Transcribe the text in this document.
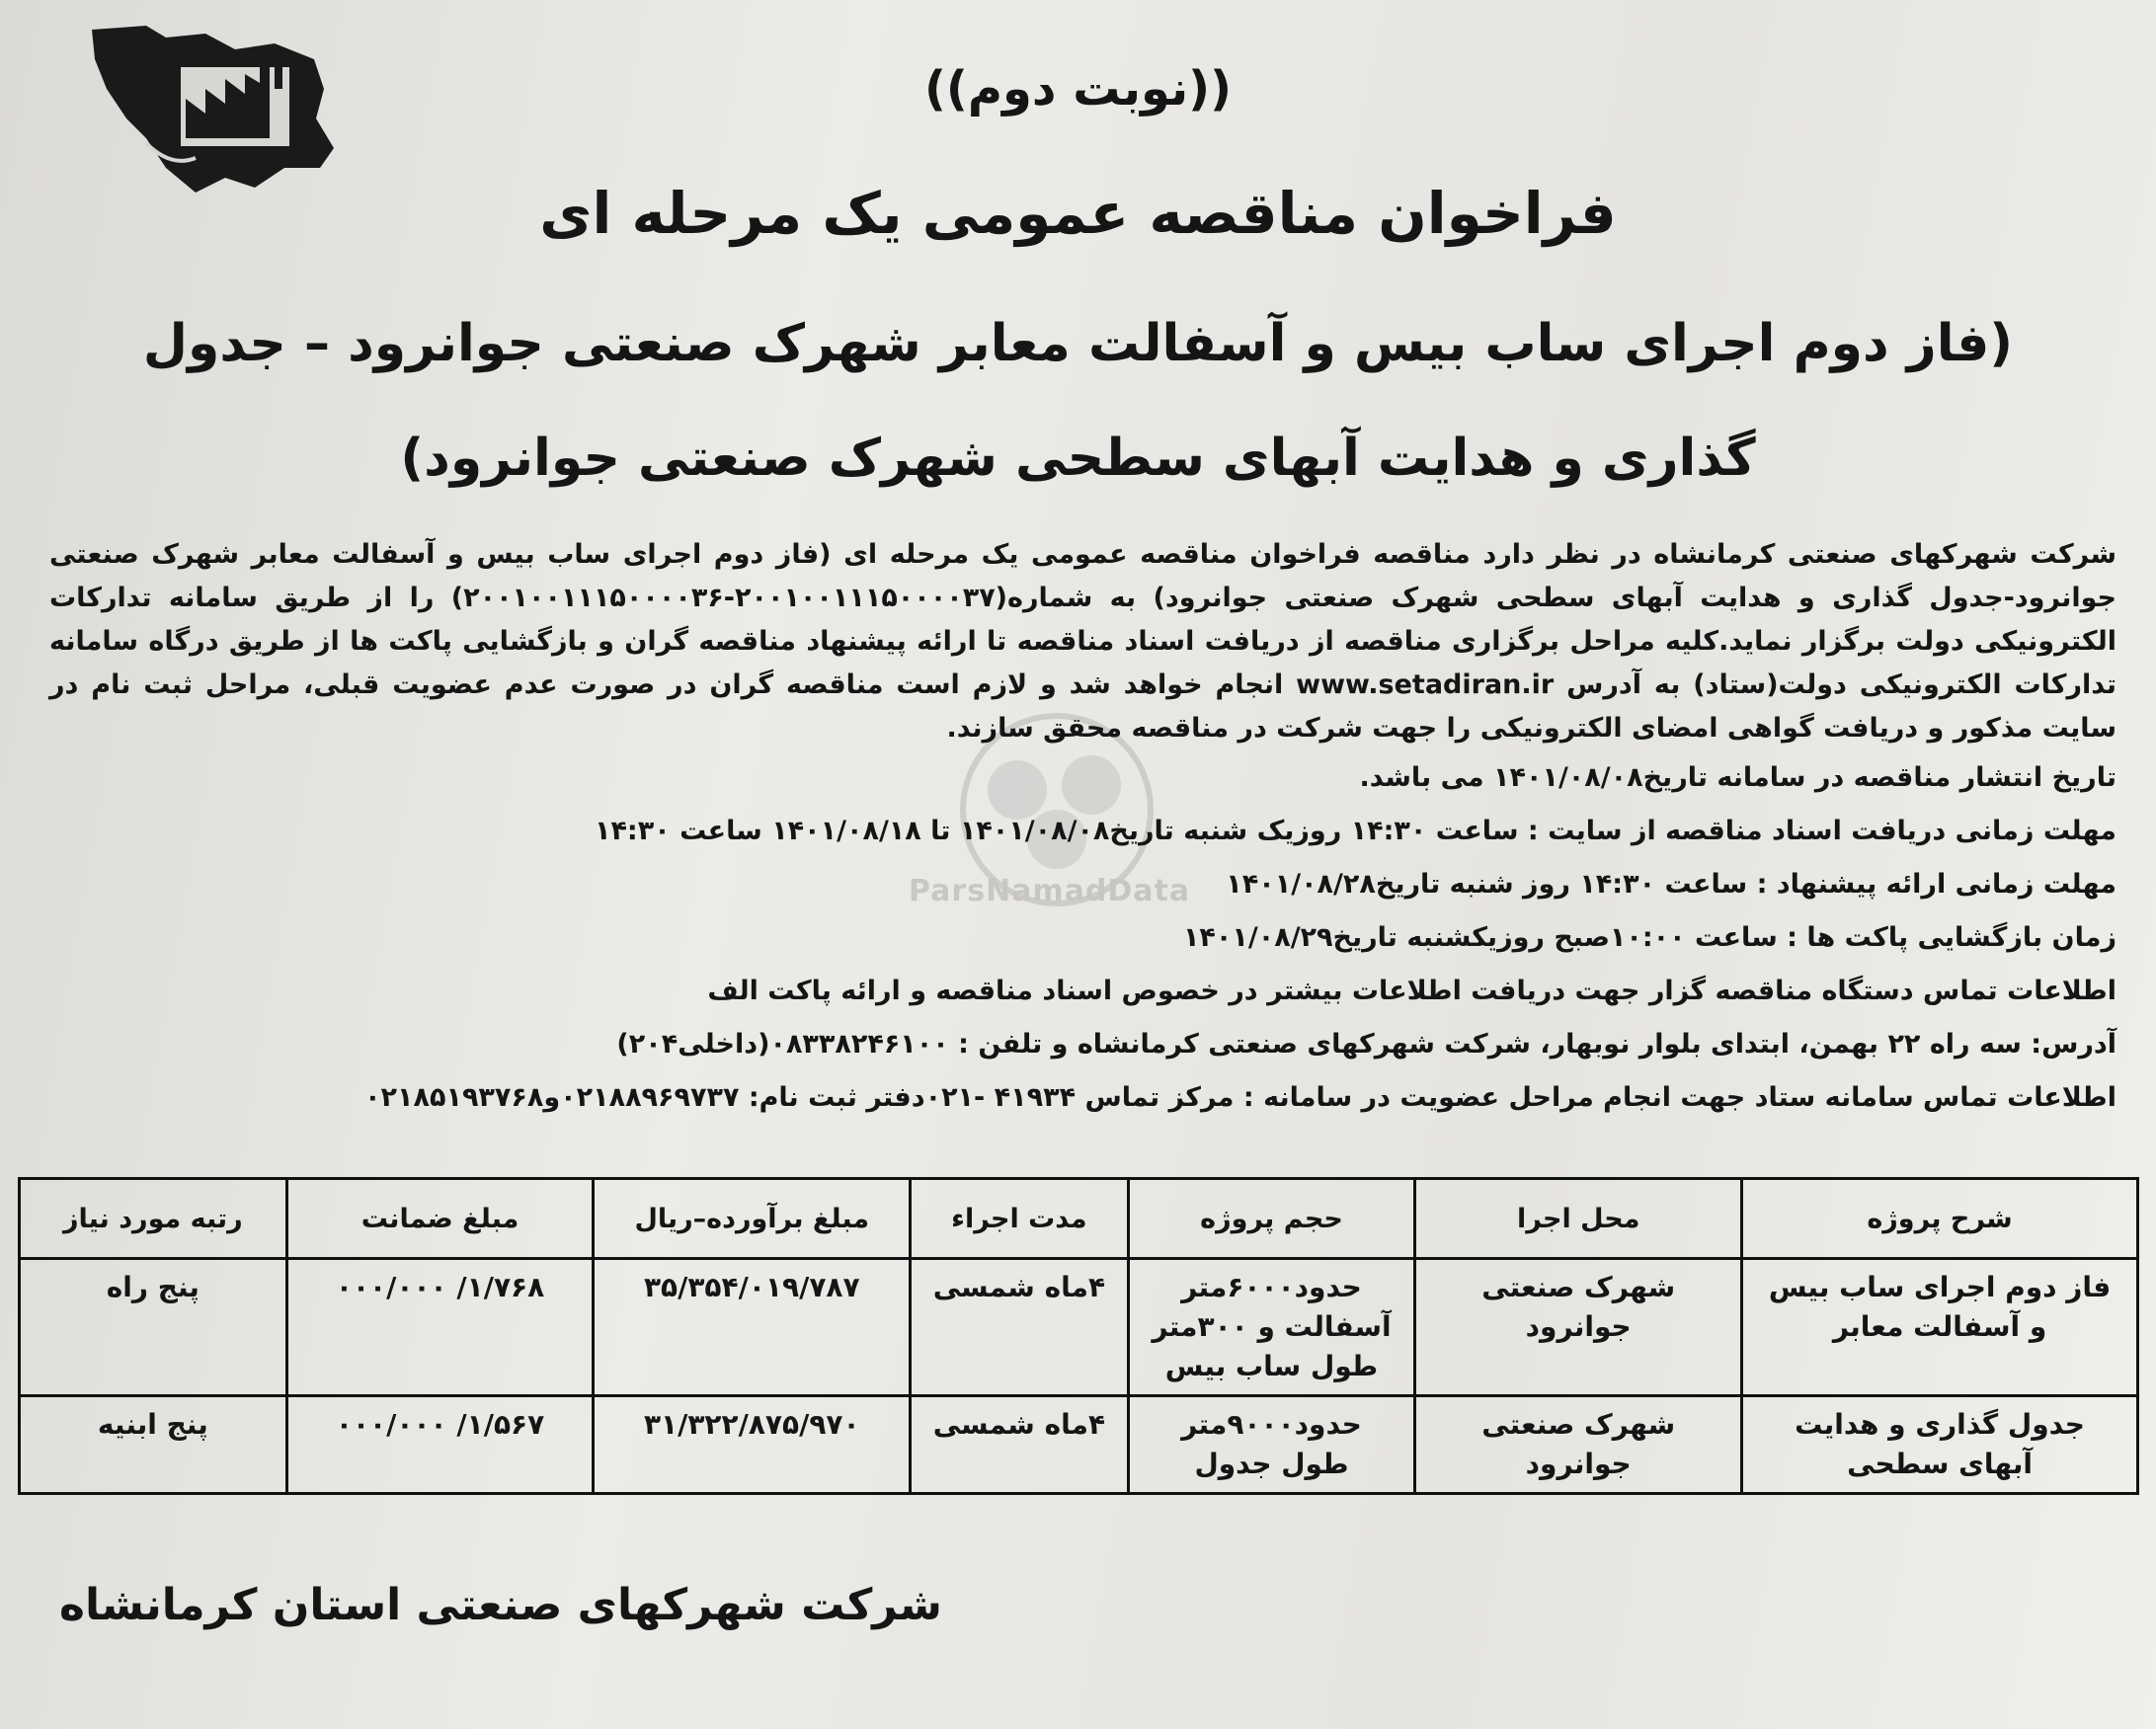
((نوبت دوم))
فراخوان مناقصه عمومی یک مرحله ای
(فاز دوم اجرای ساب بیس و آسفالت معابر شهرک صنعتی جوانرود – جدول گذاری و هدایت آبهای سطحی شهرک صنعتی جوانرود)
ParsNamadData
شرکت شهرکهای صنعتی کرمانشاه در نظر دارد مناقصه فراخوان مناقصه عمومی یک مرحله ای (فاز دوم اجرای ساب بیس و آسفالت معابر شهرک صنعتی جوانرود-جدول گذاری و هدایت آبهای سطحی شهرک صنعتی جوانرود) به شماره(۲۰۰۱۰۰۱۱۱۵۰۰۰۰۳۷-۲۰۰۱۰۰۱۱۱۵۰۰۰۰۳۶) را از طریق سامانه تدارکات الکترونیکی دولت برگزار نماید.کلیه مراحل برگزاری مناقصه از دریافت اسناد مناقصه تا ارائه پیشنهاد مناقصه گران و بازگشایی پاکت ها از طریق درگاه سامانه تدارکات الکترونیکی دولت(ستاد) به آدرس www.setadiran.ir انجام خواهد شد و لازم است مناقصه گران در صورت عدم عضویت قبلی، مراحل ثبت نام در سایت مذکور و دریافت گواهی امضای الکترونیکی را جهت شرکت در مناقصه محقق سازند.
تاریخ انتشار مناقصه در سامانه تاریخ۱۴۰۱/۰۸/۰۸ می باشد.
مهلت زمانی دریافت اسناد مناقصه از سایت : ساعت ۱۴:۳۰ روزیک شنبه تاریخ۱۴۰۱/۰۸/۰۸ تا ۱۴۰۱/۰۸/۱۸ ساعت ۱۴:۳۰
مهلت زمانی ارائه پیشنهاد : ساعت ۱۴:۳۰ روز شنبه تاریخ۱۴۰۱/۰۸/۲۸
زمان بازگشایی پاکت ها : ساعت ۱۰:۰۰صبح روزیکشنبه تاریخ۱۴۰۱/۰۸/۲۹
اطلاعات تماس دستگاه مناقصه گزار جهت دریافت اطلاعات بیشتر در خصوص اسناد مناقصه و ارائه پاکت الف
آدرس: سه راه ۲۲ بهمن، ابتدای بلوار نوبهار، شرکت شهرکهای صنعتی کرمانشاه و تلفن : ۰۸۳۳۸۲۴۶۱۰۰(داخلی۲۰۴)
اطلاعات تماس سامانه ستاد جهت انجام مراحل عضویت در سامانه : مرکز تماس ۴۱۹۳۴ -۰۲۱دفتر ثبت نام: ۰۲۱۸۸۹۶۹۷۳۷و۰۲۱۸۵۱۹۳۷۶۸
شرح پروژه	محل اجرا	حجم پروژه	مدت اجراء	مبلغ برآورده–ریال	مبلغ ضمانت	رتبه مورد نیاز
فاز دوم اجرای ساب بیس و آسفالت معابر	شهرک صنعتی جوانرود	حدود۶۰۰۰متر آسفالت و ۳۰۰متر طول ساب بیس	۴ماه شمسی	۳۵/۳۵۴/۰۱۹/۷۸۷	۱/۷۶۸/ ۰۰۰/۰۰۰	پنج راه
جدول گذاری و هدایت آبهای سطحی	شهرک صنعتی جوانرود	حدود۹۰۰۰متر طول جدول	۴ماه شمسی	۳۱/۳۲۲/۸۷۵/۹۷۰	۱/۵۶۷/ ۰۰۰/۰۰۰	پنج ابنیه
شرکت شهرکهای صنعتی استان کرمانشاه
